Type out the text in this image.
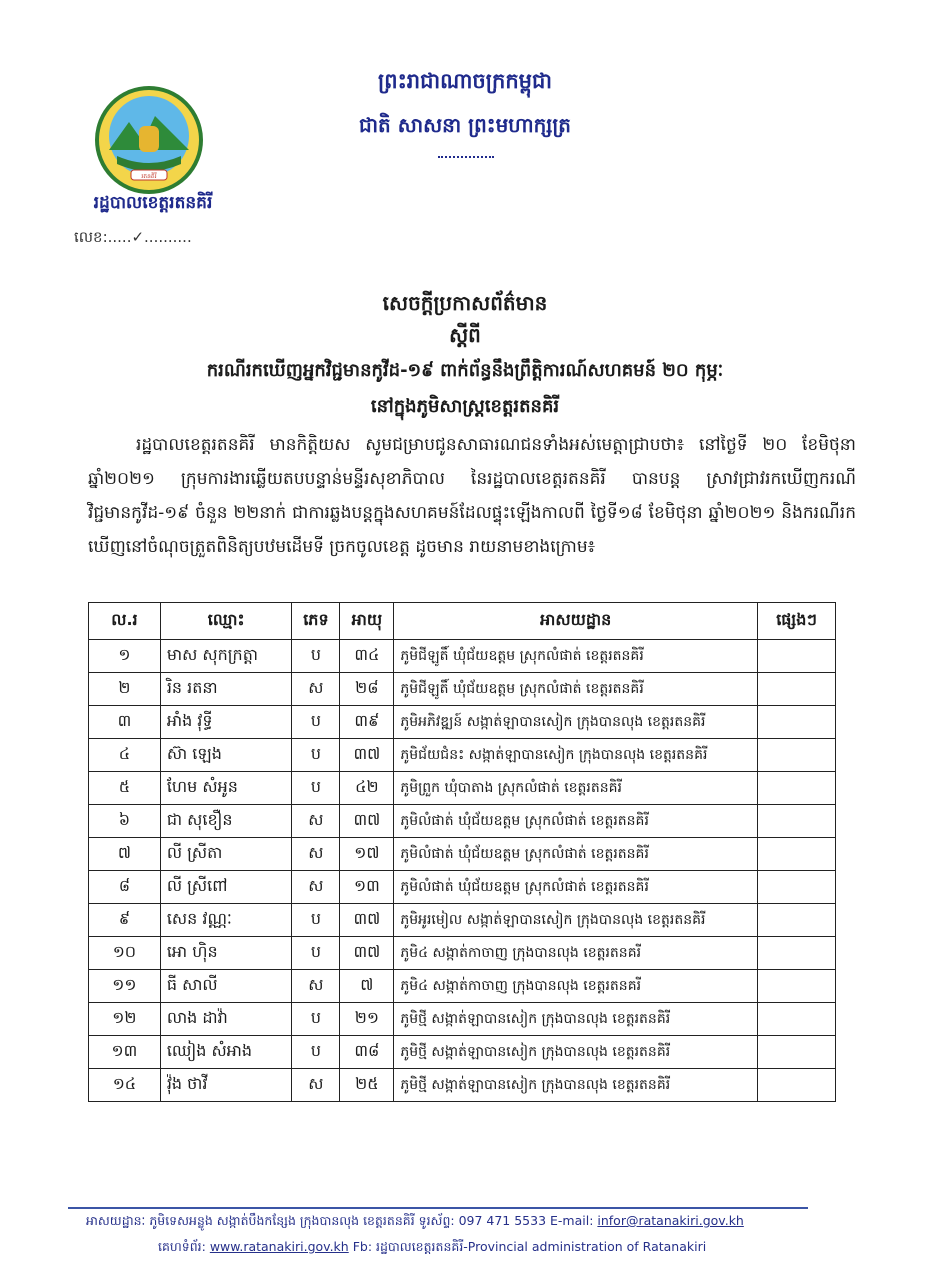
ព្រះរាជាណាចក្រកម្ពុជា
ជាតិ សាសនា ព្រះមហាក្សត្រ
រតនគិរី
រដ្ឋបាលខេត្តរតនគិរី
លេខ:.....✓..........
សេចក្តីប្រកាសព័ត៌មាន
ស្តីពី
ករណីរកឃើញអ្នកវិជ្ជមានកូវីដ-១៩ ពាក់ព័ន្ធនឹងព្រឹត្តិការណ៍សហគមន៍ ២០ កុម្ភៈ
នៅក្នុងភូមិសាស្ត្រខេត្តរតនគិរី
រដ្ឋបាលខេត្តរតនគិរី មានកិត្តិយស សូមជម្រាបជូនសាធារណជនទាំងអស់មេត្តាជ្រាបថា៖ នៅថ្ងៃទី ២០ ខែមិថុនា ឆ្នាំ២០២១ ក្រុមការងារឆ្លើយតបបន្ទាន់មន្ទីរសុខាភិបាល នៃរដ្ឋបាលខេត្តរតនគិរី បានបន្ត ស្រាវជ្រាវរកឃើញករណីវិជ្ជមានកូវីដ-១៩ ចំនួន ២២នាក់ ជាការឆ្លងបន្តក្នុងសហគមន៍ដែលផ្ទុះឡើងកាលពី ថ្ងៃទី១៨ ខែមិថុនា ឆ្នាំ២០២១ និងករណីរកឃើញនៅចំណុចត្រួតពិនិត្យបឋមដើមទី ច្រកចូលខេត្ត ដូចមាន រាយនាមខាងក្រោម៖
ល.រ	ឈ្មោះ	ភេទ	អាយុ	អាសយដ្ឋាន	ផ្សេងៗ
១	មាស សុកក្រត្តា	ប	៣៤	ភូមិជីឡូតិ៍ ឃុំជ័យឧត្តម ស្រុកលំផាត់ ខេត្តរតនគិរី	
២	រិន រតនា	ស	២៨	ភូមិជីឡូតិ៍ ឃុំជ័យឧត្តម ស្រុកលំផាត់ ខេត្តរតនគិរី	
៣	អាំង វុទ្ធី	ប	៣៩	ភូមិអភិវឌ្ឍន៍ សង្កាត់ឡាបានសៀក ក្រុងបានលុង ខេត្តរតនគិរី	
៤	ស៊ា ឡេង	ប	៣៧	ភូមិជ័យជំនះ សង្កាត់ឡាបានសៀក ក្រុងបានលុង ខេត្តរតនគិរី	
៥	ហែម សំអូន	ប	៤២	ភូមិព្រួក ឃុំបាតាង ស្រុកលំផាត់ ខេត្តរតនគិរី	
៦	ជា សុខឿន	ស	៣៧	ភូមិលំផាត់ ឃុំជ័យឧត្តម ស្រុកលំផាត់ ខេត្តរតនគិរី	
៧	លី ស្រីតា	ស	១៧	ភូមិលំផាត់ ឃុំជ័យឧត្តម ស្រុកលំផាត់ ខេត្តរតនគិរី	
៨	លី ស្រីពៅ	ស	១៣	ភូមិលំផាត់ ឃុំជ័យឧត្តម ស្រុកលំផាត់ ខេត្តរតនគិរី	
៩	សេន វណ្ណៈ	ប	៣៧	ភូមិអូរមៀល សង្កាត់ឡាបានសៀក ក្រុងបានលុង ខេត្តរតនគិរី	
១០	អោ ហ៊ិន	ប	៣៧	ភូមិ៤ សង្កាត់កាចាញ ក្រុងបានលុង ខេត្តរតនគរី	
១១	ធី សាលី	ស	៧	ភូមិ៤ សង្កាត់កាចាញ ក្រុងបានលុង ខេត្តរតនគរី	
១២	លាង ដាវ៉ា	ប	២១	ភូមិថ្មី សង្កាត់ឡាបានសៀក ក្រុងបានលុង ខេត្តរតនគិរី	
១៣	ឈៀង សំអាង	ប	៣៨	ភូមិថ្មី សង្កាត់ឡាបានសៀក ក្រុងបានលុង ខេត្តរតនគិរី	
១៤	វ៉ុង ថាវី	ស	២៥	ភូមិថ្មី សង្កាត់ឡាបានសៀក ក្រុងបានលុង ខេត្តរតនគិរី	
អាសយដ្ឋានៈ ភូមិទេសអន្លូង សង្កាត់បឹងកន្សែង ក្រុងបានលុង ខេត្តរតនគិរី ទូរស័ព្ទ: 097 471 5533 E-mail: infor@ratanakiri.gov.kh
គេហទំព័រ: www.ratanakiri.gov.kh Fb: រដ្ឋបាលខេត្តរតនគិរី-Provincial administration of Ratanakiri
